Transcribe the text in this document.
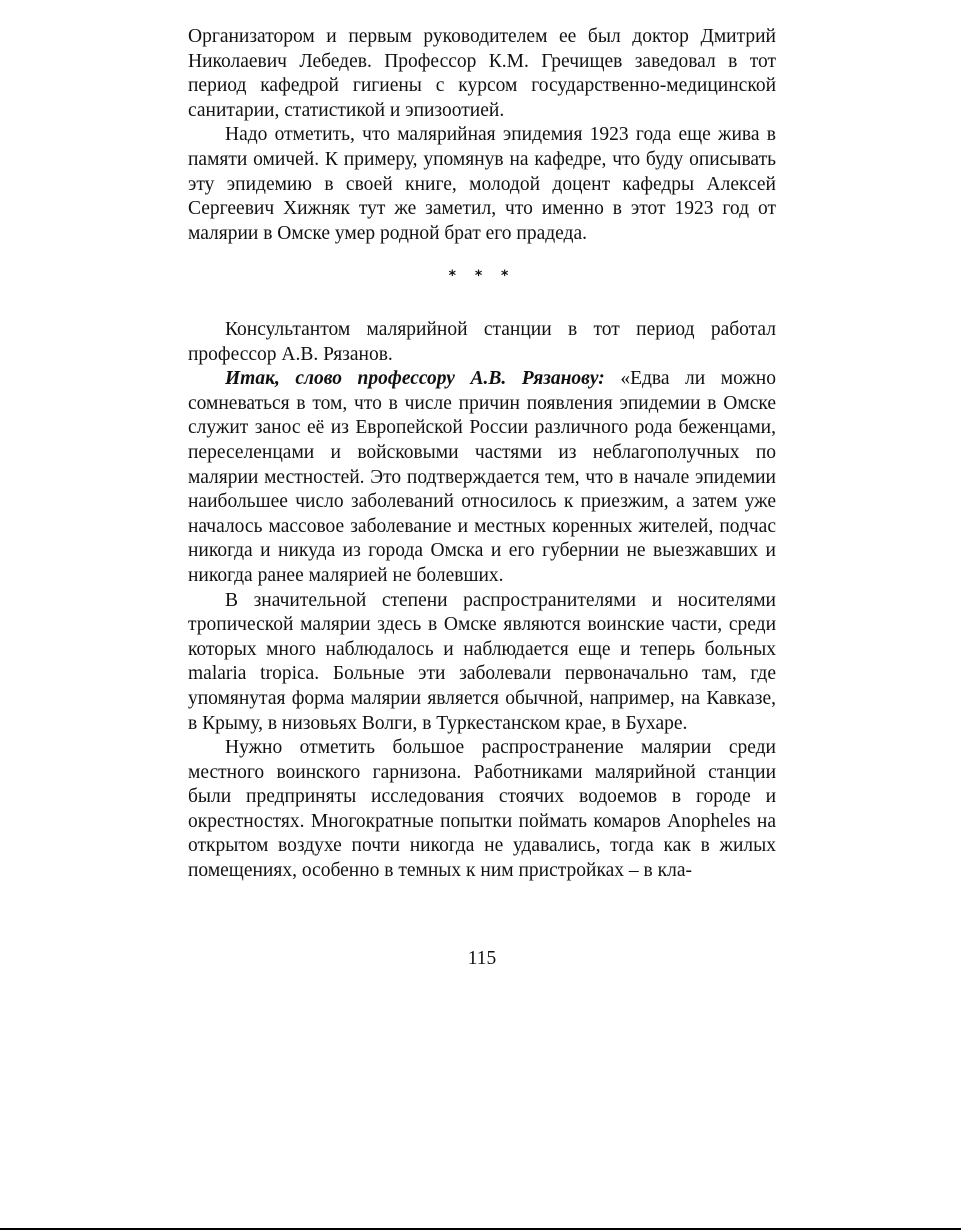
Организатором и первым руководителем ее был доктор Дмитрий Николаевич Лебедев. Профессор К.М. Гречищев заведовал в тот период кафедрой гигиены с курсом государственно-медицинской санитарии, статистикой и эпизоотией.

Надо отметить, что малярийная эпидемия 1923 года еще жива в памяти омичей. К примеру, упомянув на кафедре, что буду описывать эту эпидемию в своей книге, молодой доцент кафедры Алексей Сергеевич Хижняк тут же заметил, что именно в этот 1923 год от малярии в Омске умер родной брат его прадеда.

* * *

Консультантом малярийной станции в тот период работал профессор А.В. Рязанов.

Итак, слово профессору А.В. Рязанову: «Едва ли можно сомневаться в том, что в числе причин появления эпидемии в Омске служит занос её из Европейской России различного рода беженцами, переселенцами и войсковыми частями из неблагополучных по малярии местностей. Это подтверждается тем, что в начале эпидемии наибольшее число заболеваний относилось к приезжим, а затем уже началось массовое заболевание и местных коренных жителей, подчас никогда и никуда из города Омска и его губернии не выезжавших и никогда ранее малярией не болевших.

В значительной степени распространителями и носителями тропической малярии здесь в Омске являются воинские части, среди которых много наблюдалось и наблюдается еще и теперь больных malaria tropica. Больные эти заболевали первоначально там, где упомянутая форма малярии является обычной, например, на Кавказе, в Крыму, в низовьях Волги, в Туркестанском крае, в Бухаре.

Нужно отметить большое распространение малярии среди местного воинского гарнизона. Работниками малярийной станции были предприняты исследования стоячих водоемов в городе и окрестностях. Многократные попытки поймать комаров Anopheles на открытом воздухе почти никогда не удавались, тогда как в жилых помещениях, особенно в темных к ним пристройках – в кла-

115
